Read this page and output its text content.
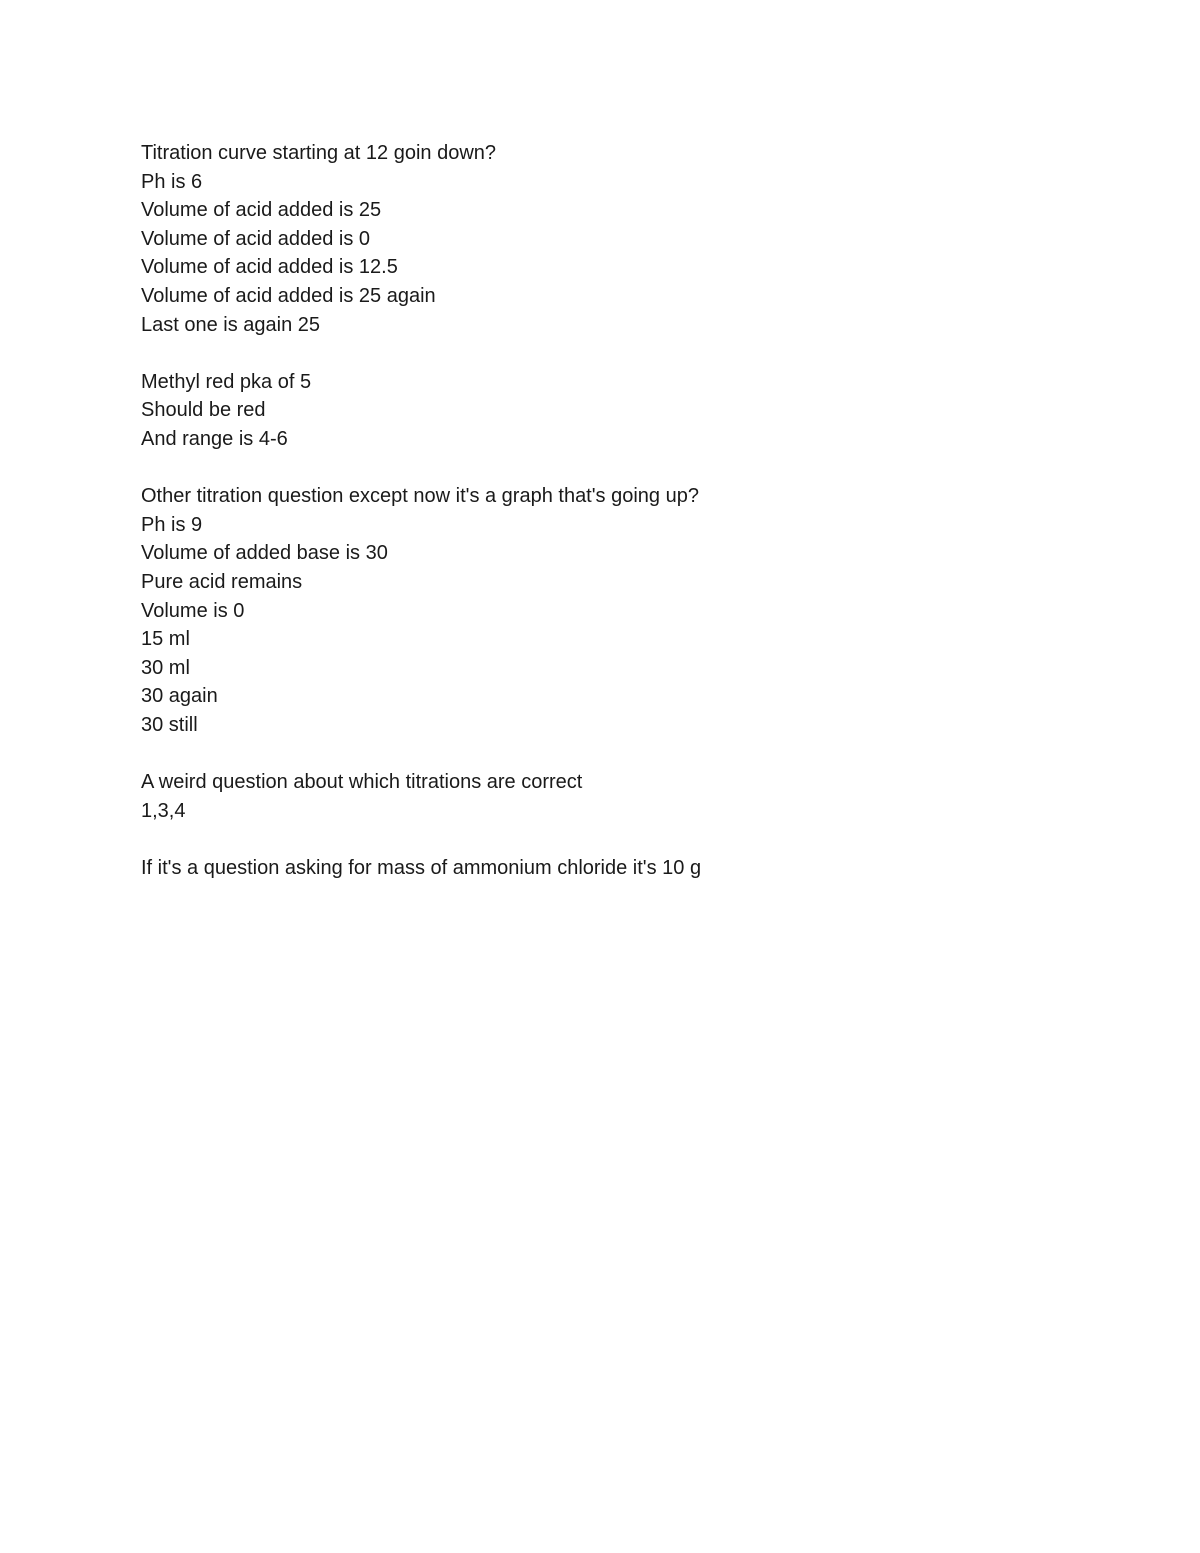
Titration curve starting at 12 goin down?
Ph is 6
Volume of acid added is 25
Volume of acid added is 0
Volume of acid added is 12.5
Volume of acid added is 25 again
Last one is again 25
Methyl red pka of 5
Should be red
And range is 4-6
Other titration question except now it's a graph that's going up?
Ph is 9
Volume of added base is 30
Pure acid remains
Volume is 0
15 ml
30 ml
30 again
30 still
A weird question about which titrations are correct
1,3,4
If it's a question asking for mass of ammonium chloride it's 10 g
